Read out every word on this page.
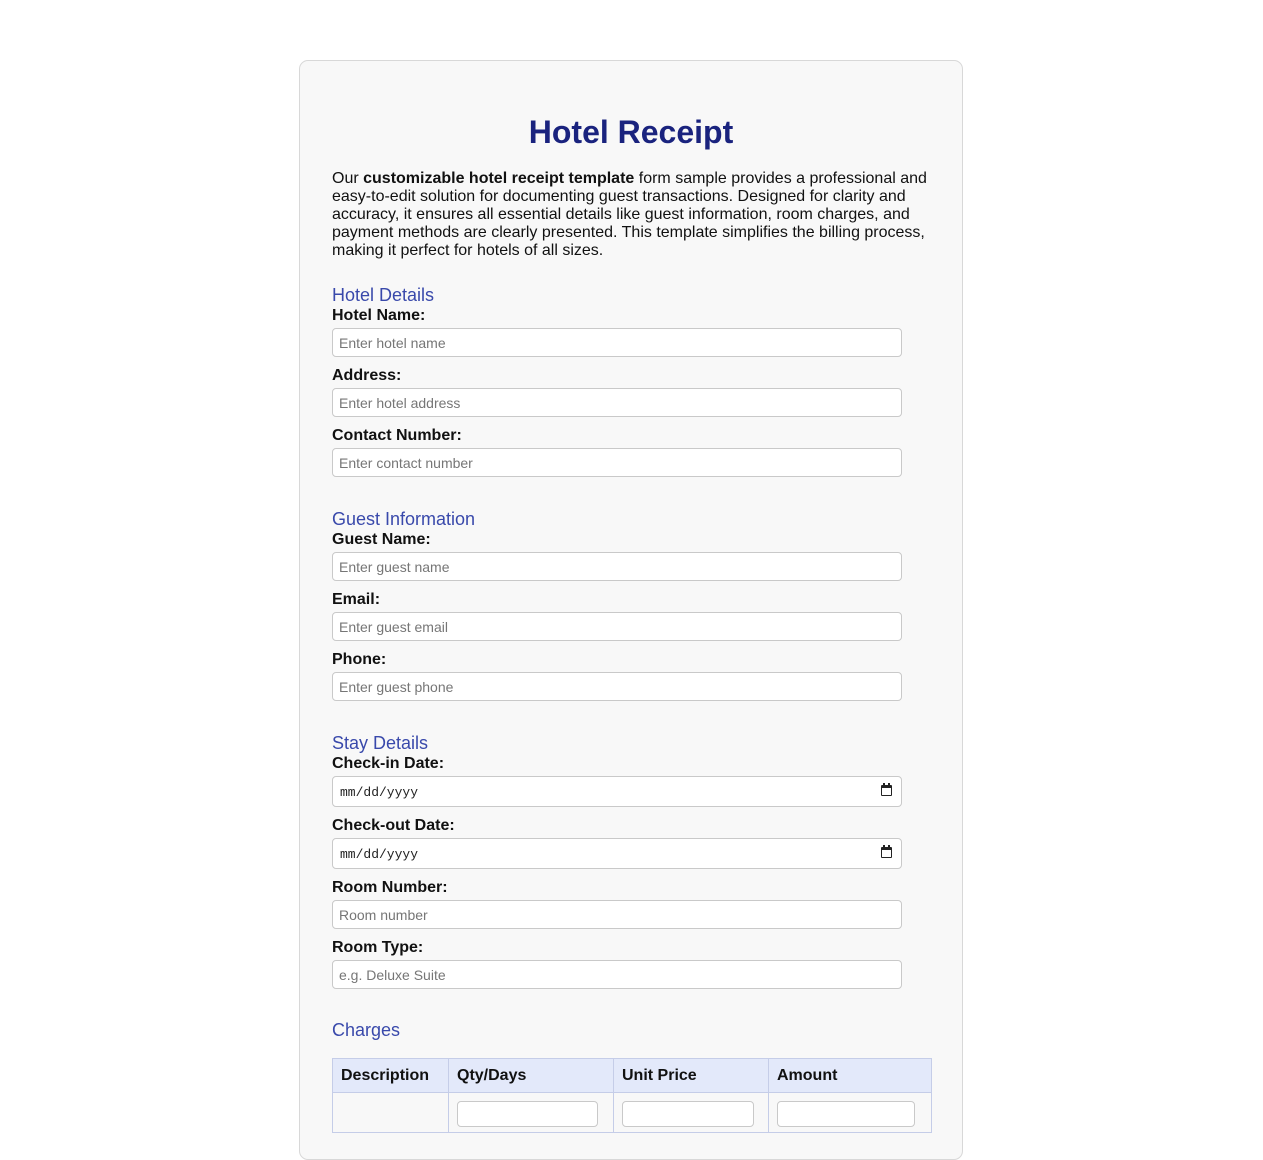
Hotel Receipt

Our customizable hotel receipt template form sample provides a professional and easy-to-edit solution for documenting guest transactions. Designed for clarity and accuracy, it ensures all essential details like guest information, room charges, and payment methods are clearly presented. This template simplifies the billing process, making it perfect for hotels of all sizes.

Hotel Details
Hotel Name:
Enter hotel name
Address:
Enter hotel address
Contact Number:
Enter contact number
Guest Information
Guest Name:
Enter guest name
Email:
Enter guest email
Phone:
Enter guest phone
Stay Details
Check-in Date:
mm/dd/yyyy
Check-out Date:
mm/dd/yyyy
Room Number:
Room number
Room Type:
e.g. Deluxe Suite
Charges
Description	Qty/Days	Unit Price	Amount
